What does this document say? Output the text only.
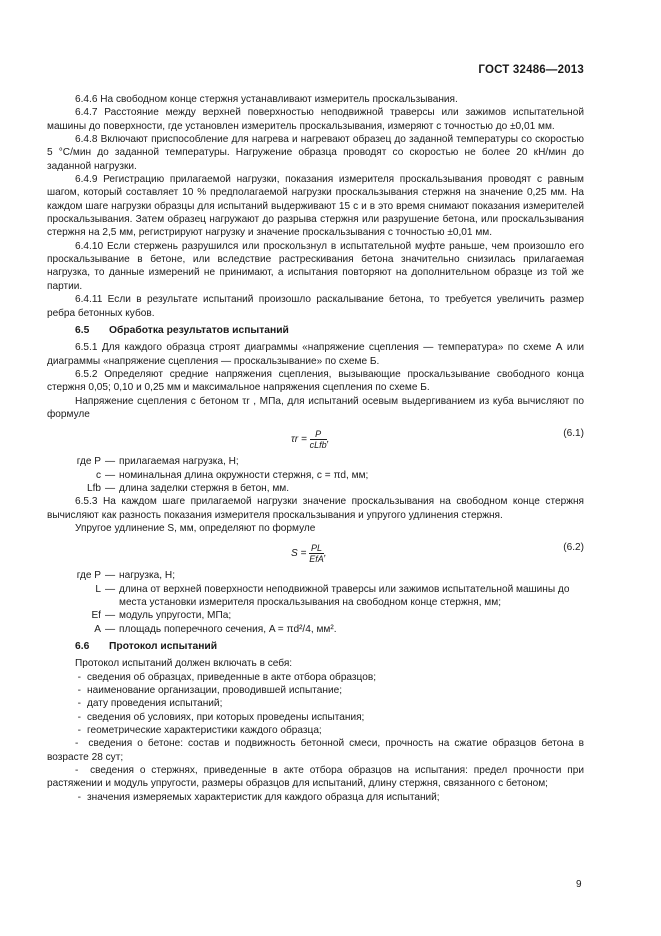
ГОСТ 32486—2013

6.4.6 На свободном конце стержня устанавливают измеритель проскальзывания.

6.4.7 Расстояние между верхней поверхностью неподвижной траверсы или зажимов испытательной машины до поверхности, где установлен измеритель проскальзывания, измеряют с точностью до ±0,01 мм.

6.4.8 Включают приспособление для нагрева и нагревают образец до заданной температуры со скоростью 5 °С/мин до заданной температуры. Нагружение образца проводят со скоростью не более 20 кН/мин до заданной нагрузки.

6.4.9 Регистрацию прилагаемой нагрузки, показания измерителя проскальзывания проводят с равным шагом, который составляет 10 % предполагаемой нагрузки проскальзывания стержня на значение 0,25 мм. На каждом шаге нагрузки образцы для испытаний выдерживают 15 с и в это время снимают показания измерителей проскальзывания. Затем образец нагружают до разрыва стержня или разрушение бетона, или проскальзывания стержня на 2,5 мм, регистрируют нагрузку и значение проскальзывания с точностью ±0,01 мм.

6.4.10 Если стержень разрушился или проскользнул в испытательной муфте раньше, чем произошло его проскальзывание в бетоне, или вследствие растрескивания бетона значительно снизилась прилагаемая нагрузка, то данные измерений не принимают, а испытания повторяют на дополнительном образце из той же партии.

6.4.11 Если в результате испытаний произошло раскалывание бетона, то требуется увеличить размер ребра бетонных кубов.

6.5 Обработка результатов испытаний

6.5.1 Для каждого образца строят диаграммы «напряжение сцепления — температура» по схеме А или диаграммы «напряжение сцепления — проскальзывание» по схеме Б.

6.5.2 Определяют средние напряжения сцепления, вызывающие проскальзывание свободного конца стержня 0,05; 0,10 и 0,25 мм и максимальное напряжения сцепления по схеме Б.

Напряжение сцепления с бетоном τr , МПа, для испытаний осевым выдергиванием из куба вычисляют по формуле

$\tau r = \frac{P}{\text{cLfb}}$ ,
(6.1)
где P — прилагаемая нагрузка, Н;
c — номинальная длина окружности стержня, c = πd, мм;
Lfb — длина заделки стержня в бетон, мм.

6.5.3 На каждом шаге прилагаемой нагрузки значение проскальзывания на свободном конце стержня вычисляют как разность показания измерителя проскальзывания и упругого удлинения стержня.

Упругое удлинение S, мм, определяют по формуле

$S = \frac{PL}{\text{EfA}}$ ,
(6.2)
где P — нагрузка, Н;
L — длина от верхней поверхности неподвижной траверсы или зажимов испытательной машины до места установки измерителя проскальзывания на свободном конце стержня, мм;
Ef — модуль упругости, МПа;
A — площадь поперечного сечения, A = πd²/4, мм².
6.6 Протокол испытаний

Протокол испытаний должен включать в себя:

- сведения об образцах, приведенные в акте отбора образцов;
- наименование организации, проводившей испытание;
- дату проведения испытаний;
- сведения об условиях, при которых проведены испытания;
- геометрические характеристики каждого образца;

-  сведения о бетоне: состав и подвижность бетонной смеси, прочность на сжатие образцов бетона в возрасте 28 сут;

-  сведения о стержнях, приведенные в акте отбора образцов на испытания: предел прочности при растяжении и модуль упругости, размеры образцов для испытаний, длину стержня, связанного с бетоном;

- значения измеряемых характеристик для каждого образца для испытаний;
9
